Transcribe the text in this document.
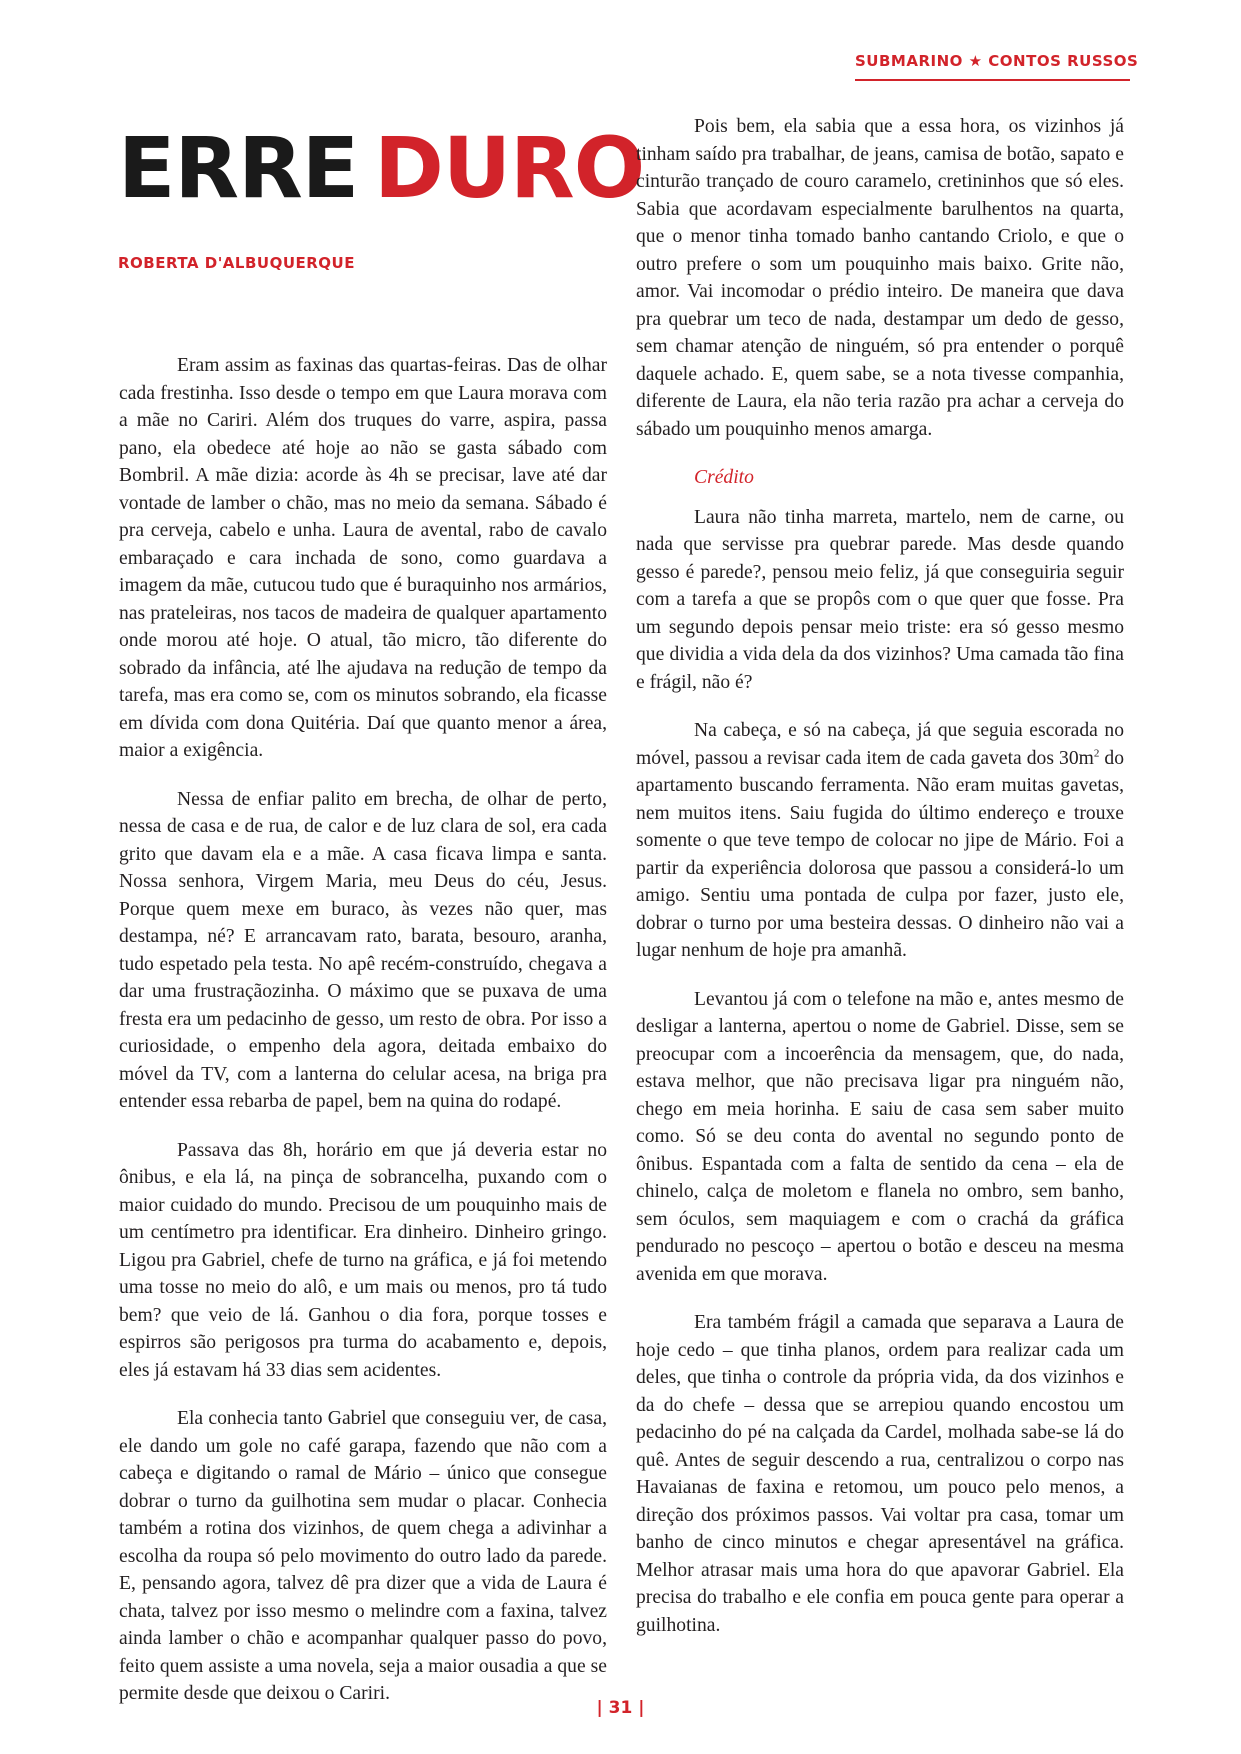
SUBMARINO ★ CONTOS RUSSOS
ERRE DURO
ROBERTA D'ALBUQUERQUE

Eram assim as faxinas das quartas-feiras. Das de olhar cada frestinha. Isso desde o tempo em que Laura morava com a mãe no Cariri. Além dos truques do varre, aspira, passa pano, ela obedece até hoje ao não se gasta sábado com Bombril. A mãe dizia: acorde às 4h se precisar, lave até dar vontade de lamber o chão, mas no meio da semana. Sábado é pra cerveja, cabelo e unha. Laura de avental, rabo de cavalo embaraçado e cara inchada de sono, como guardava a imagem da mãe, cutucou tudo que é buraquinho nos armários, nas prateleiras, nos tacos de madeira de qualquer apartamento onde morou até hoje. O atual, tão micro, tão diferente do sobrado da infância, até lhe ajudava na redução de tempo da tarefa, mas era como se, com os minutos sobrando, ela ficasse em dívida com dona Quitéria. Daí que quanto menor a área, maior a exigência.

Nessa de enfiar palito em brecha, de olhar de perto, nessa de casa e de rua, de calor e de luz clara de sol, era cada grito que davam ela e a mãe. A casa ficava limpa e santa. Nossa senhora, Virgem Maria, meu Deus do céu, Jesus. Porque quem mexe em buraco, às vezes não quer, mas destampa, né? E arrancavam rato, barata, besouro, aranha, tudo espetado pela testa. No apê recém-construído, chegava a dar uma frustraçãozinha. O máximo que se puxava de uma fresta era um pedacinho de gesso, um resto de obra. Por isso a curiosidade, o empenho dela agora, deitada embaixo do móvel da TV, com a lanterna do celular acesa, na briga pra entender essa rebarba de papel, bem na quina do rodapé.

Passava das 8h, horário em que já deveria estar no ônibus, e ela lá, na pinça de sobrancelha, puxando com o maior cuidado do mundo. Precisou de um pouquinho mais de um centímetro pra identificar. Era dinheiro. Dinheiro gringo. Ligou pra Gabriel, chefe de turno na gráfica, e já foi metendo uma tosse no meio do alô, e um mais ou menos, pro tá tudo bem? que veio de lá. Ganhou o dia fora, porque tosses e espirros são perigosos pra turma do acabamento e, depois, eles já estavam há 33 dias sem acidentes.

Ela conhecia tanto Gabriel que conseguiu ver, de casa, ele dando um gole no café garapa, fazendo que não com a cabeça e digitando o ramal de Mário – único que consegue dobrar o turno da guilhotina sem mudar o placar. Conhecia também a rotina dos vizinhos, de quem chega a adivinhar a escolha da roupa só pelo movimento do outro lado da parede. E, pensando agora, talvez dê pra dizer que a vida de Laura é chata, talvez por isso mesmo o melindre com a faxina, talvez ainda lamber o chão e acompanhar qualquer passo do povo, feito quem assiste a uma novela, seja a maior ousadia a que se permite desde que deixou o Cariri.

Pois bem, ela sabia que a essa hora, os vizinhos já tinham saído pra trabalhar, de jeans, camisa de botão, sapato e cinturão trançado de couro caramelo, cretininhos que só eles. Sabia que acordavam especialmente barulhentos na quarta, que o menor tinha tomado banho cantando Criolo, e que o outro prefere o som um pouquinho mais baixo. Grite não, amor. Vai incomodar o prédio inteiro. De maneira que dava pra quebrar um teco de nada, destampar um dedo de gesso, sem chamar atenção de ninguém, só pra entender o porquê daquele achado. E, quem sabe, se a nota tivesse companhia, diferente de Laura, ela não teria razão pra achar a cerveja do sábado um pouquinho menos amarga.

Crédito

Laura não tinha marreta, martelo, nem de carne, ou nada que servisse pra quebrar parede. Mas desde quando gesso é parede?, pensou meio feliz, já que conseguiria seguir com a tarefa a que se propôs com o que quer que fosse. Pra um segundo depois pensar meio triste: era só gesso mesmo que dividia a vida dela da dos vizinhos? Uma camada tão fina e frágil, não é?

Na cabeça, e só na cabeça, já que seguia escorada no móvel, passou a revisar cada item de cada gaveta dos $30m^2$ do apartamento buscando ferramenta. Não eram muitas gavetas, nem muitos itens. Saiu fugida do último endereço e trouxe somente o que teve tempo de colocar no jipe de Mário. Foi a partir da experiência dolorosa que passou a considerá-lo um amigo. Sentiu uma pontada de culpa por fazer, justo ele, dobrar o turno por uma besteira dessas. O dinheiro não vai a lugar nenhum de hoje pra amanhã.

Levantou já com o telefone na mão e, antes mesmo de desligar a lanterna, apertou o nome de Gabriel. Disse, sem se preocupar com a incoerência da mensagem, que, do nada, estava melhor, que não precisava ligar pra ninguém não, chego em meia horinha. E saiu de casa sem saber muito como. Só se deu conta do avental no segundo ponto de ônibus. Espantada com a falta de sentido da cena – ela de chinelo, calça de moletom e flanela no ombro, sem banho, sem óculos, sem maquiagem e com o crachá da gráfica pendurado no pescoço – apertou o botão e desceu na mesma avenida em que morava.

Era também frágil a camada que separava a Laura de hoje cedo – que tinha planos, ordem para realizar cada um deles, que tinha o controle da própria vida, da dos vizinhos e da do chefe – dessa que se arrepiou quando encostou um pedacinho do pé na calçada da Cardel, molhada sabe-se lá do quê. Antes de seguir descendo a rua, centralizou o corpo nas Havaianas de faxina e retomou, um pouco pelo menos, a direção dos próximos passos. Vai voltar pra casa, tomar um banho de cinco minutos e chegar apresentável na gráfica. Melhor atrasar mais uma hora do que apavorar Gabriel. Ela precisa do trabalho e ele confia em pouca gente para operar a guilhotina.

| 31 |
